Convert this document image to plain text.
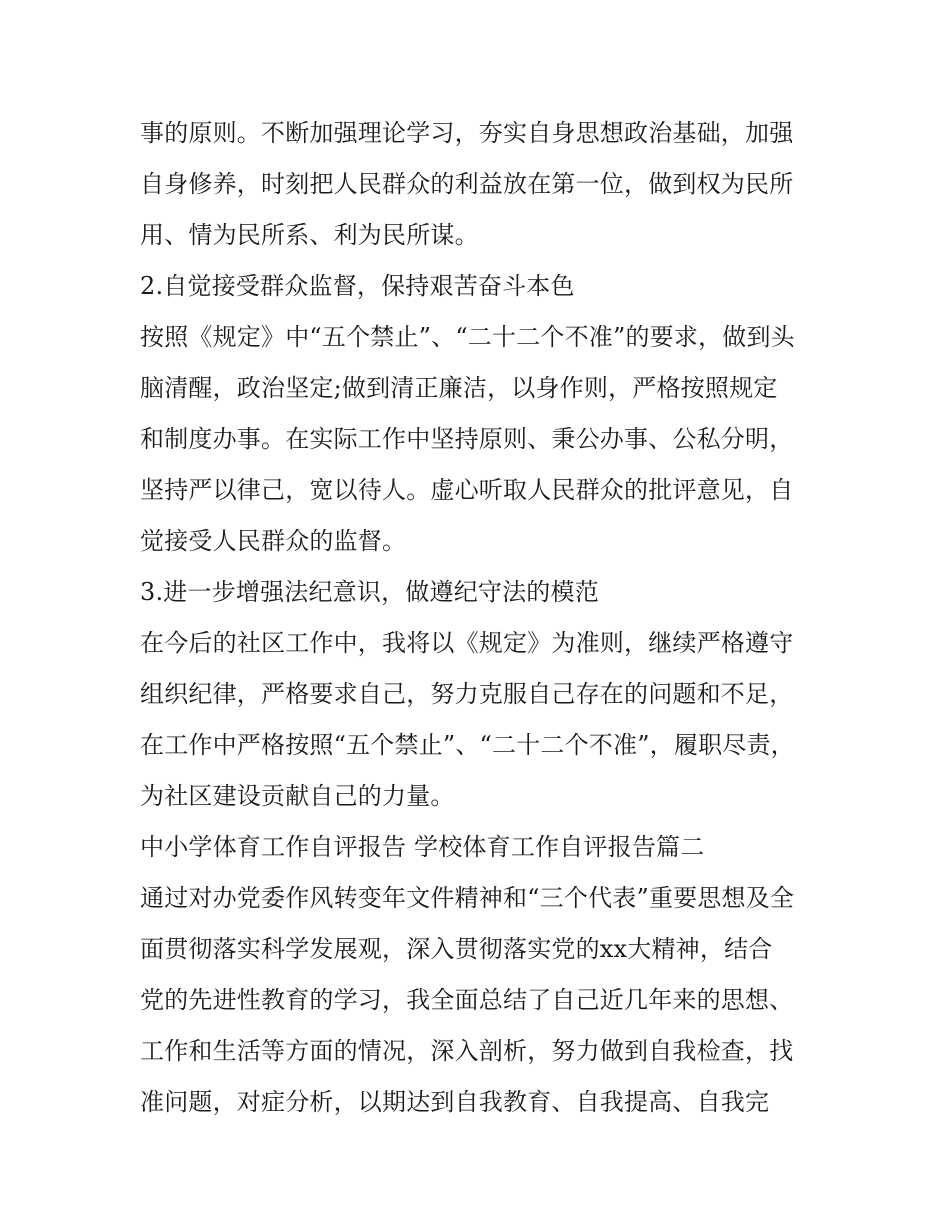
事的原则。不断加强理论学习，夯实自身思想政治基础，加强
自身修养，时刻把人民群众的利益放在第一位，做到权为民所
用、情为民所系、利为民所谋。
2.自觉接受群众监督，保持艰苦奋斗本色
按照《规定》中“五个禁止”、“二十二个不准”的要求，做到头
脑清醒，政治坚定;做到清正廉洁，以身作则，严格按照规定
和制度办事。在实际工作中坚持原则、秉公办事、公私分明，
坚持严以律己，宽以待人。虚心听取人民群众的批评意见，自
觉接受人民群众的监督。
3.进一步增强法纪意识，做遵纪守法的模范
在今后的社区工作中，我将以《规定》为准则，继续严格遵守
组织纪律，严格要求自己，努力克服自己存在的问题和不足，
在工作中严格按照“五个禁止”、“二十二个不准”，履职尽责，
为社区建设贡献自己的力量。
中小学体育工作自评报告 学校体育工作自评报告篇二
通过对办党委作风转变年文件精神和“三个代表”重要思想及全
面贯彻落实科学发展观，深入贯彻落实党的xx大精神，结合
党的先进性教育的学习，我全面总结了自己近几年来的思想、
工作和生活等方面的情况，深入剖析，努力做到自我检查，找
准问题，对症分析，以期达到自我教育、自我提高、自我完
